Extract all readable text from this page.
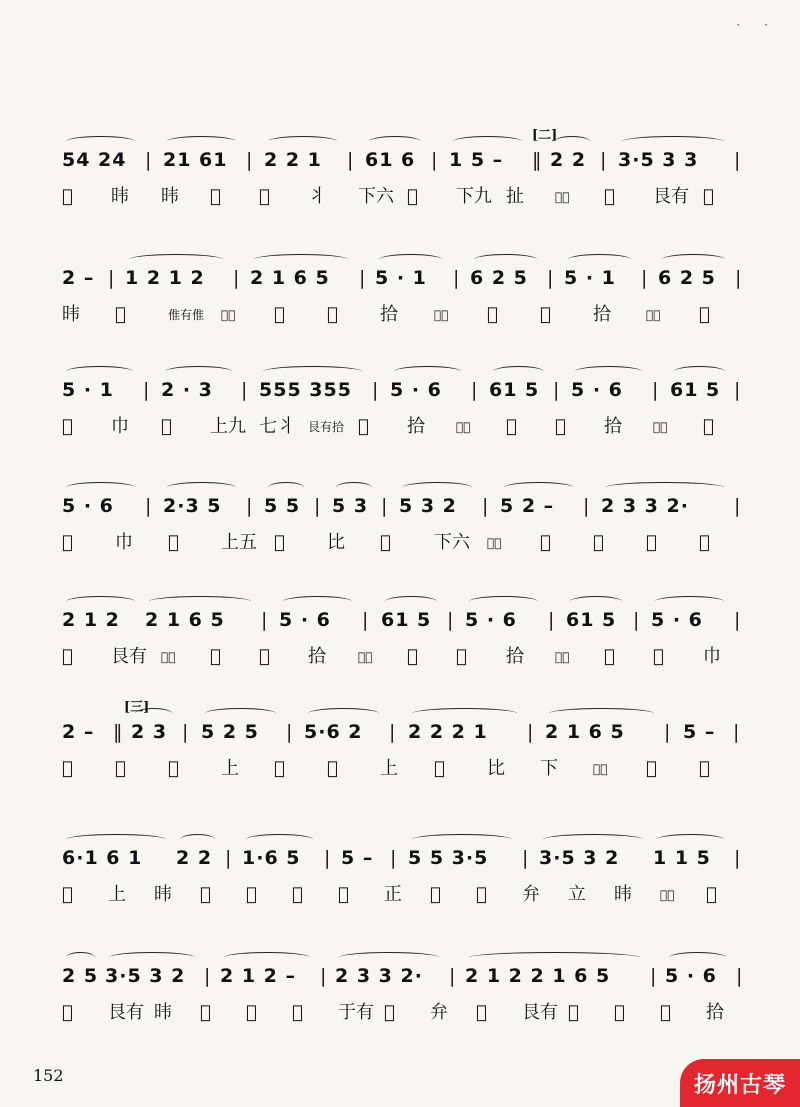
· ·
[二]
54 24 | 21 61 | 2 2 1 | 61 6 | 1 5 – ‖ 2 2 | 3·5 3 3 |
𬀥 𬀩 𬀩 𬀫 𬀥 丬 下六 𬀫 下九 扯	𬀥合 𬀰 艮有 𬀥
2 – | 1 2 1 2 | 2 1 6 5 | 5 · 1 | 6 2 5 | 5 · 1 | 6 2 5 |
𬀩 𬀰	倠有倠 𬀥𬀩 𬀫 𬀫 拾	𬀥𬀩 𬀫 𬀥 拾	𬀥𬀩 𬀫
5 · 1 | 2 · 3 | 555 355 | 5 · 6 | 61 5 | 5 · 6 | 61 5 |
𬀥 巾 𬀫 上九 七丬 艮有拾 𬀫 拾	𬀥𬀩 𬀫 𬀫 拾	𬀥𬀩 𬀫
5 · 6 | 2·3 5 | 5 5 | 5 3 | 5 3 2 | 5 2 – | 2 3 3 2· |
𬀫 巾 𬀥 上五 𬀰 比 𬀰 下六 𬀥𬀩 𬀫 𬀥 𬀰 𬀥
2 1 2 2 1 6 5 | 5 · 6 | 61 5 | 5 · 6 | 61 5 | 5 · 6 |
𬀰 艮有 𬀥𬀩 𬀫 𬀫 拾	𬀥𬀩 𬀫 𬀫 拾	𬀥𬀩 𬀫 𬀫 巾
[三]
2 – ‖ 2 3 | 5 2 5 | 5·6 2 | 2 2 2 1 | 2 1 6 5 | 5 – |
𬀫 𬀰 𬀥 上 𬀫 𬀥 上 𬀰 比 下	𬀥𬀩 𬀫 𬀫
6·1 6 1 2 2 | 1·6 5 | 5 – | 5 5 3·5 | 3·5 3 2 1 1 5 |
𬀥 上 𬀩 𬀥 𬀥 𬀫 𬀥 正 𬀰 𬀰 弁 立 𬀩 𬀥𬀩 𬀫
2 5 3·5 3 2 | 2 1 2 – | 2 3 3 2· | 2 1 2 2 1 6 5 | 5 · 6 |
𬀥 艮有 𬀩 𬀰 𬀥 𬀥 于有 𬀰 弁 𬀰 艮有 𬀥 𬀫 𬀫 拾
152	扬州古琴
